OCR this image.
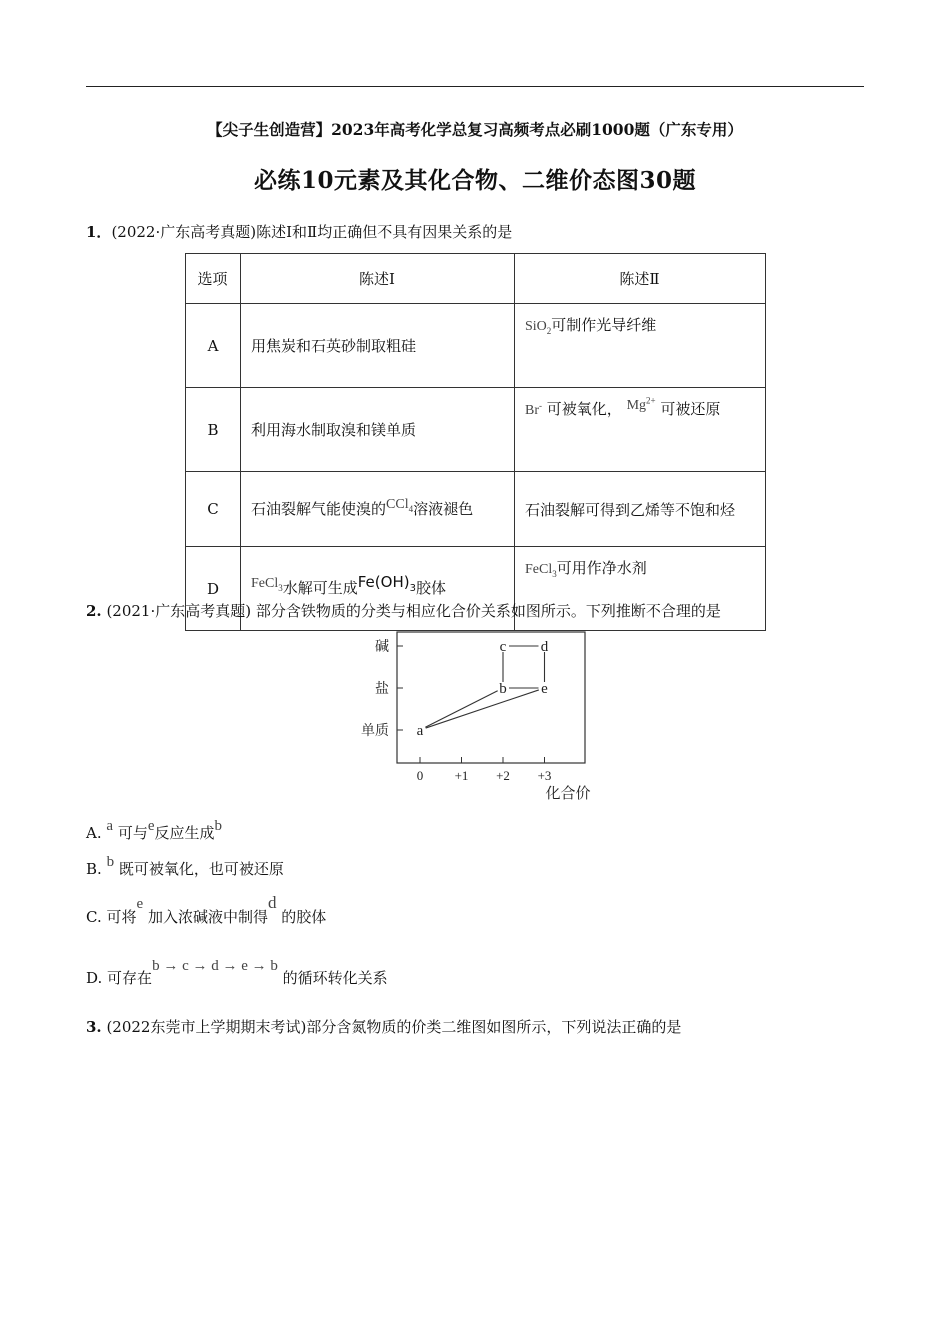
【尖子生创造营】2023年高考化学总复习高频考点必刷1000题（广东专用）
必练10元素及其化合物、二维价态图30题
1．(2022·广东高考真题)陈述Ⅰ和Ⅱ均正确但不具有因果关系的是
选项	陈述Ⅰ	陈述Ⅱ
A	用焦炭和石英砂制取粗硅	SiO$_2$可制作光导纤维
B	利用海水制取溴和镁单质	Br- 可被氧化， $Mg^{2+}$ 可被还原
C	石油裂解气能使溴的CCl$_4$溶液褪色	石油裂解可得到乙烯等不饱和烃
D	FeCl$_3$水解可生成$Fe(OH)_3$胶体	FeCl$_3$可用作净水剂
2. (2021·广东高考真题) 部分含铁物质的分类与相应化合价关系如图所示。下列推断不合理的是
单质
盐
碱
0 +1 +2 +3
化合价
a
b e
c d
A. a 可与e反应生成b
B. b 既可被氧化，也可被还原
C. 可将e 加入浓碱液中制得d 的胶体
D. 可存在b → c → d → e → b 的循环转化关系
3. (2022东莞市上学期期末考试)部分含氮物质的价类二维图如图所示，下列说法正确的是
